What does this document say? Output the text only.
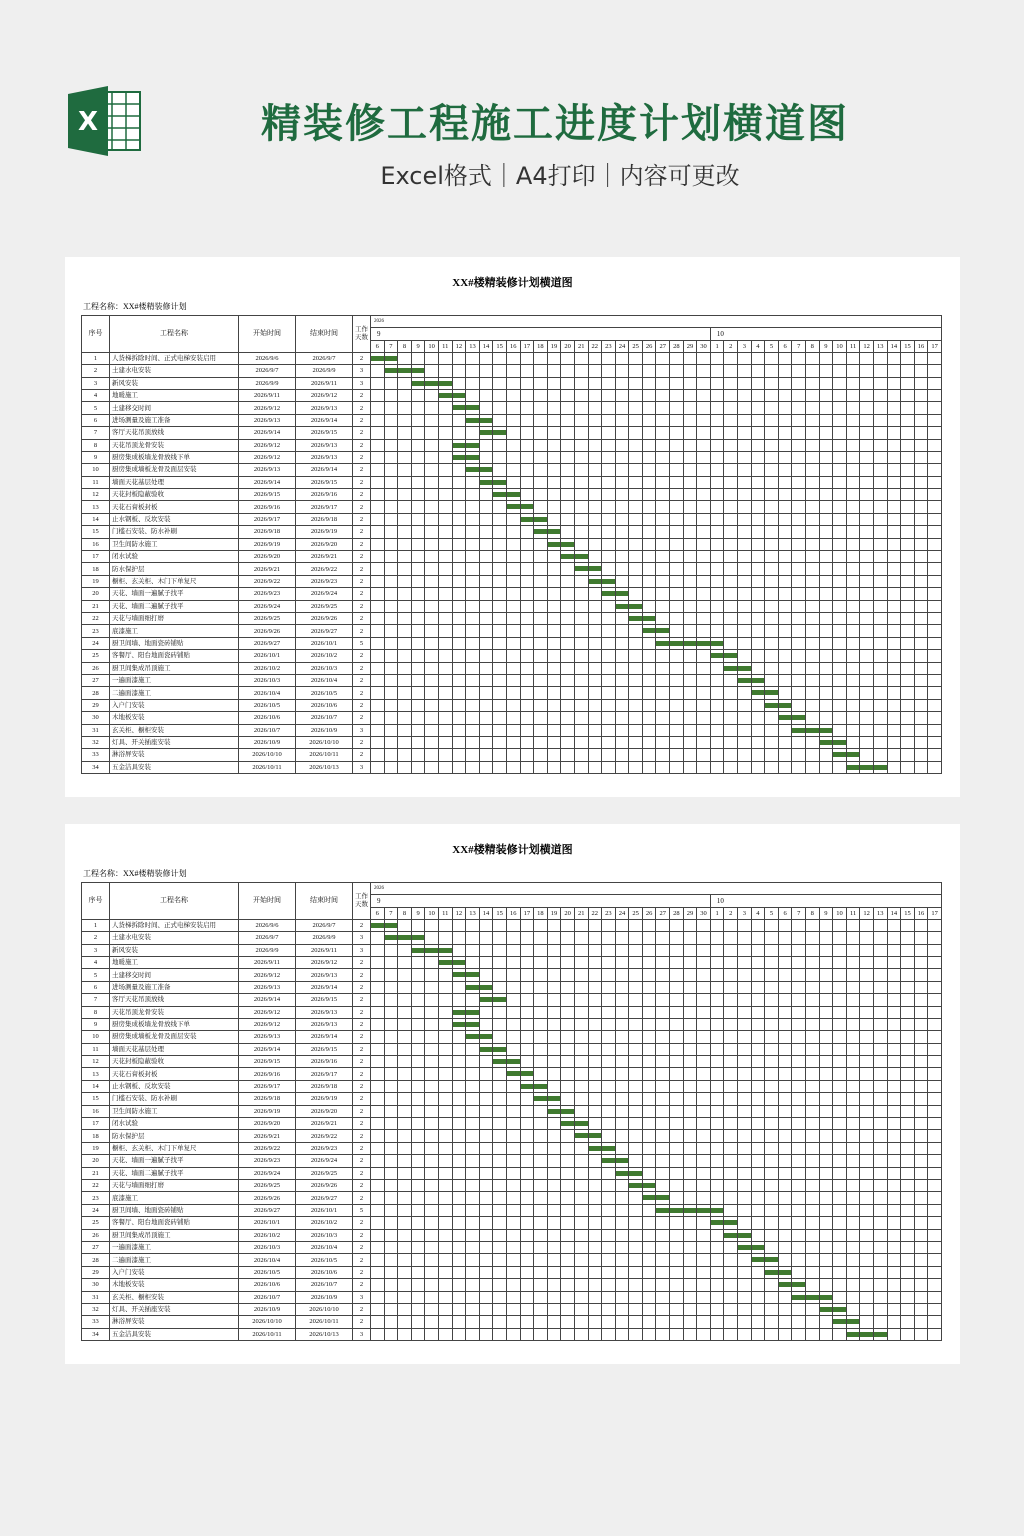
X	精装修工程施工进度计划横道图
Excel格式｜A4打印｜内容可更改
XX#楼精装修计划横道图
工程名称：XX#楼精装修计划
序号	工程名称	开始时间	结束时间	工作天数	2026																																									
					9																									10																
					6	7	8	9	10	11	12	13	14	15	16	17	18	19	20	21	22	23	24	25	26	27	28	29	30	1	2	3	4	5	6	7	8	9	10	11	12	13	14	15	16	17
1	人货梯拆除时间、正式电梯安装启用	2026/9/6	2026/9/7	2	

2	土建水电安装	2026/9/7	2026/9/9	3		

3	新风安装	2026/9/9	2026/9/11	3				

4	地暖施工	2026/9/11	2026/9/12	2						

5	土建移交时间	2026/9/12	2026/9/13	2							

6	进场测量及施工准备	2026/9/13	2026/9/14	2								

7	客厅天花吊顶放线	2026/9/14	2026/9/15	2									

8	天花吊顶龙骨安装	2026/9/12	2026/9/13	2							

9	厨房集成板墙龙骨放线下单	2026/9/12	2026/9/13	2							

10	厨房集成墙板龙骨及面层安装	2026/9/13	2026/9/14	2								

11	墙面天花基层处理	2026/9/14	2026/9/15	2									

12	天花封板隐蔽验收	2026/9/15	2026/9/16	2										

13	天花石膏板封板	2026/9/16	2026/9/17	2											

14	止水钢板、反坎安装	2026/9/17	2026/9/18	2												

15	门槛石安装、防水补刷	2026/9/18	2026/9/19	2													

16	卫生间防水施工	2026/9/19	2026/9/20	2														

17	闭水试验	2026/9/20	2026/9/21	2															

18	防水保护层	2026/9/21	2026/9/22	2																

19	橱柜、玄关柜、木门下单复尺	2026/9/22	2026/9/23	2																	

20	天花、墙面一遍腻子找平	2026/9/23	2026/9/24	2																		

21	天花、墙面二遍腻子找平	2026/9/24	2026/9/25	2																			

22	天花与墙面细打磨	2026/9/25	2026/9/26	2																				

23	底漆施工	2026/9/26	2026/9/27	2																					

24	厨卫间墙、地面瓷砖铺贴	2026/9/27	2026/10/1	5																						

25	客餐厅、阳台地面瓷砖铺贴	2026/10/1	2026/10/2	2																										

26	厨卫间集成吊顶施工	2026/10/2	2026/10/3	2																											

27	一遍面漆施工	2026/10/3	2026/10/4	2																												

28	二遍面漆施工	2026/10/4	2026/10/5	2																													

29	入户门安装	2026/10/5	2026/10/6	2																														

30	木地板安装	2026/10/6	2026/10/7	2																															

31	玄关柜、橱柜安装	2026/10/7	2026/10/9	3																																

32	灯具、开关插座安装	2026/10/9	2026/10/10	2																																		

33	淋浴屏安装	2026/10/10	2026/10/11	2																																			

34	五金洁具安装	2026/10/11	2026/10/13	3																																				

XX#楼精装修计划横道图
工程名称：XX#楼精装修计划
序号	工程名称	开始时间	结束时间	工作天数	2026																																									
					9																									10																
					6	7	8	9	10	11	12	13	14	15	16	17	18	19	20	21	22	23	24	25	26	27	28	29	30	1	2	3	4	5	6	7	8	9	10	11	12	13	14	15	16	17
1	人货梯拆除时间、正式电梯安装启用	2026/9/6	2026/9/7	2	

2	土建水电安装	2026/9/7	2026/9/9	3		

3	新风安装	2026/9/9	2026/9/11	3				

4	地暖施工	2026/9/11	2026/9/12	2						

5	土建移交时间	2026/9/12	2026/9/13	2							

6	进场测量及施工准备	2026/9/13	2026/9/14	2								

7	客厅天花吊顶放线	2026/9/14	2026/9/15	2									

8	天花吊顶龙骨安装	2026/9/12	2026/9/13	2							

9	厨房集成板墙龙骨放线下单	2026/9/12	2026/9/13	2							

10	厨房集成墙板龙骨及面层安装	2026/9/13	2026/9/14	2								

11	墙面天花基层处理	2026/9/14	2026/9/15	2									

12	天花封板隐蔽验收	2026/9/15	2026/9/16	2										

13	天花石膏板封板	2026/9/16	2026/9/17	2											

14	止水钢板、反坎安装	2026/9/17	2026/9/18	2												

15	门槛石安装、防水补刷	2026/9/18	2026/9/19	2													

16	卫生间防水施工	2026/9/19	2026/9/20	2														

17	闭水试验	2026/9/20	2026/9/21	2															

18	防水保护层	2026/9/21	2026/9/22	2																

19	橱柜、玄关柜、木门下单复尺	2026/9/22	2026/9/23	2																	

20	天花、墙面一遍腻子找平	2026/9/23	2026/9/24	2																		

21	天花、墙面二遍腻子找平	2026/9/24	2026/9/25	2																			

22	天花与墙面细打磨	2026/9/25	2026/9/26	2																				

23	底漆施工	2026/9/26	2026/9/27	2																					

24	厨卫间墙、地面瓷砖铺贴	2026/9/27	2026/10/1	5																						

25	客餐厅、阳台地面瓷砖铺贴	2026/10/1	2026/10/2	2																										

26	厨卫间集成吊顶施工	2026/10/2	2026/10/3	2																											

27	一遍面漆施工	2026/10/3	2026/10/4	2																												

28	二遍面漆施工	2026/10/4	2026/10/5	2																													

29	入户门安装	2026/10/5	2026/10/6	2																														

30	木地板安装	2026/10/6	2026/10/7	2																															

31	玄关柜、橱柜安装	2026/10/7	2026/10/9	3																																

32	灯具、开关插座安装	2026/10/9	2026/10/10	2																																		

33	淋浴屏安装	2026/10/10	2026/10/11	2																																			

34	五金洁具安装	2026/10/11	2026/10/13	3																																				
